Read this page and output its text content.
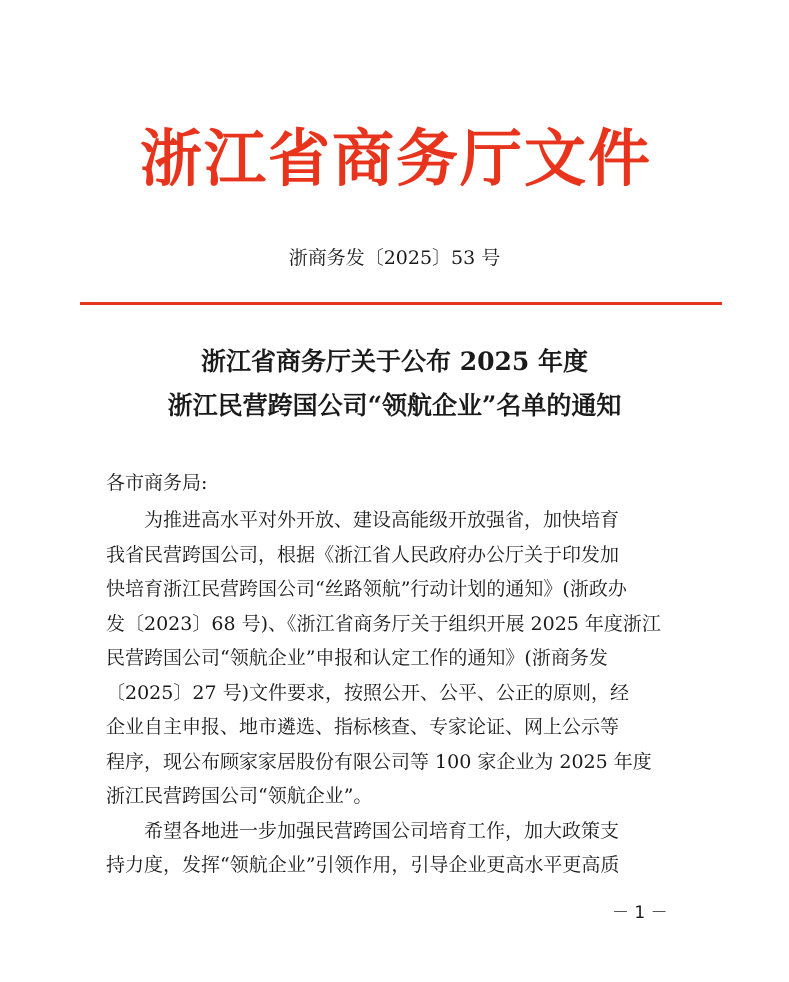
浙江省商务厅文件
浙商务发〔2025〕53 号
浙江省商务厅关于公布 2025 年度
浙江民营跨国公司“领航企业”名单的通知
各市商务局:
　　为推进高水平对外开放、建设高能级开放强省，加快培育
我省民营跨国公司，根据《浙江省人民政府办公厅关于印发加
快培育浙江民营跨国公司“丝路领航”行动计划的通知》(浙政办
发〔2023〕68 号)、《浙江省商务厅关于组织开展 2025 年度浙江
民营跨国公司“领航企业”申报和认定工作的通知》(浙商务发
〔2025〕27 号)文件要求，按照公开、公平、公正的原则，经
企业自主申报、地市遴选、指标核查、专家论证、网上公示等
程序，现公布顾家家居股份有限公司等 100 家企业为 2025 年度
浙江民营跨国公司“领航企业”。
　　希望各地进一步加强民营跨国公司培育工作，加大政策支
持力度，发挥“领航企业”引领作用，引导企业更高水平更高质
－ 1 －
